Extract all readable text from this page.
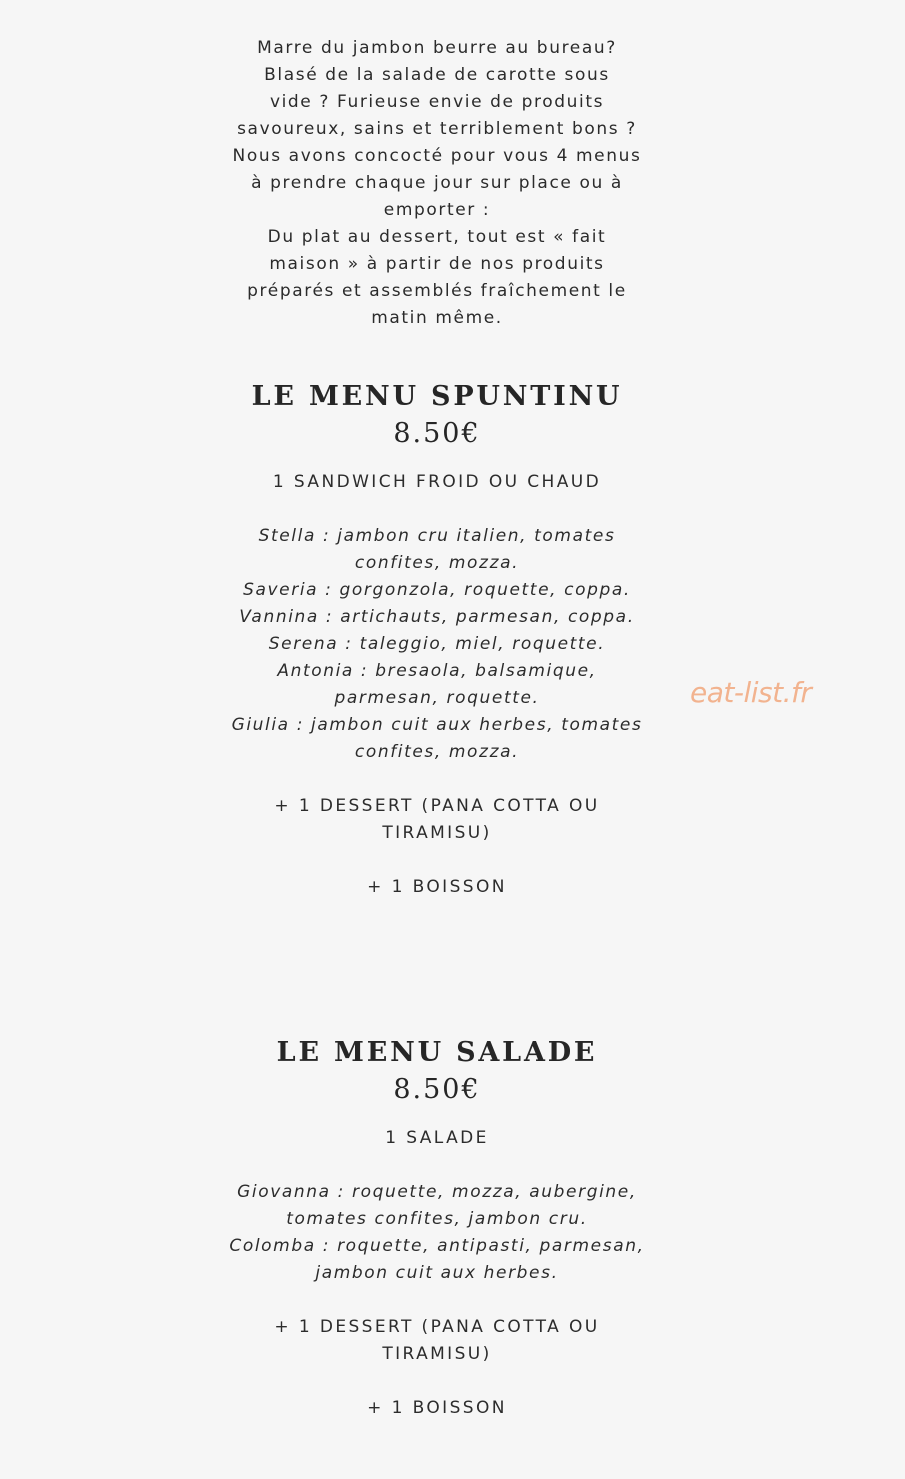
Marre du jambon beurre au bureau?

Blasé de la salade de carotte sous

vide ? Furieuse envie de produits

savoureux, sains et terriblement bons ?

Nous avons concocté pour vous 4 menus

à prendre chaque jour sur place ou à

emporter :

Du plat au dessert, tout est « fait

maison » à partir de nos produits

préparés et assemblés fraîchement le

matin même.

LE MENU SPUNTINU
8.50€

1 SANDWICH FROID OU CHAUD

Stella : jambon cru italien, tomates

confites, mozza.

Saveria : gorgonzola, roquette, coppa.

Vannina : artichauts, parmesan, coppa.

Serena : taleggio, miel, roquette.

Antonia : bresaola, balsamique,

parmesan, roquette.

Giulia : jambon cuit aux herbes, tomates

confites, mozza.

+ 1 DESSERT (PANA COTTA OU

TIRAMISU)

+ 1 BOISSON

LE MENU SALADE
8.50€

1 SALADE

Giovanna : roquette, mozza, aubergine,

tomates confites, jambon cru.

Colomba : roquette, antipasti, parmesan,

jambon cuit aux herbes.

+ 1 DESSERT (PANA COTTA OU

TIRAMISU)

+ 1 BOISSON

eat-list.fr
